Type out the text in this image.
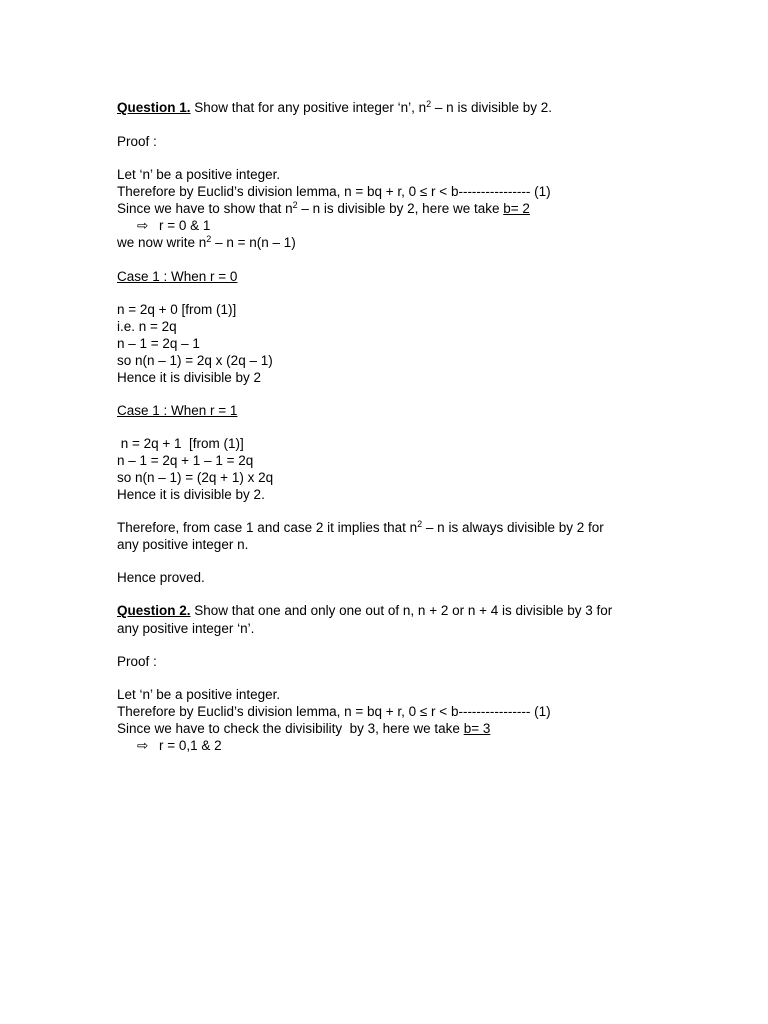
Question 1. Show that for any positive integer ‘n’, $n^2$ – n is divisible by 2.
Proof :
Let ‘n’ be a positive integer.
Therefore by Euclid’s division lemma, n = bq + r, 0 ≤ r < b---------------- (1)
Since we have to show that $n^2$ – n is divisible by 2, here we take b= 2
⇨ r = 0 & 1
we now write $n^2 - n = n(n - 1)$
Case 1 : When r = 0
n = 2q + 0 [from (1)]
i.e. n = 2q
n – 1 = 2q – 1
so n(n – 1) = 2q x (2q – 1)
Hence it is divisible by 2
Case 1 : When r = 1
n = 2q + 1  [from (1)]
n – 1 = 2q + 1 – 1 = 2q
so n(n – 1) = (2q + 1) x 2q
Hence it is divisible by 2.
Therefore, from case 1 and case 2 it implies that $n^2$ – n is always divisible by 2 for
any positive integer n.
Hence proved.
Question 2. Show that one and only one out of n, n + 2 or n + 4 is divisible by 3 for
any positive integer ‘n’.
Proof :
Let ‘n’ be a positive integer.
Therefore by Euclid’s division lemma, n = bq + r, 0 ≤ r < b---------------- (1)
Since we have to check the divisibility  by 3, here we take b= 3
⇨ r = 0,1 & 2
